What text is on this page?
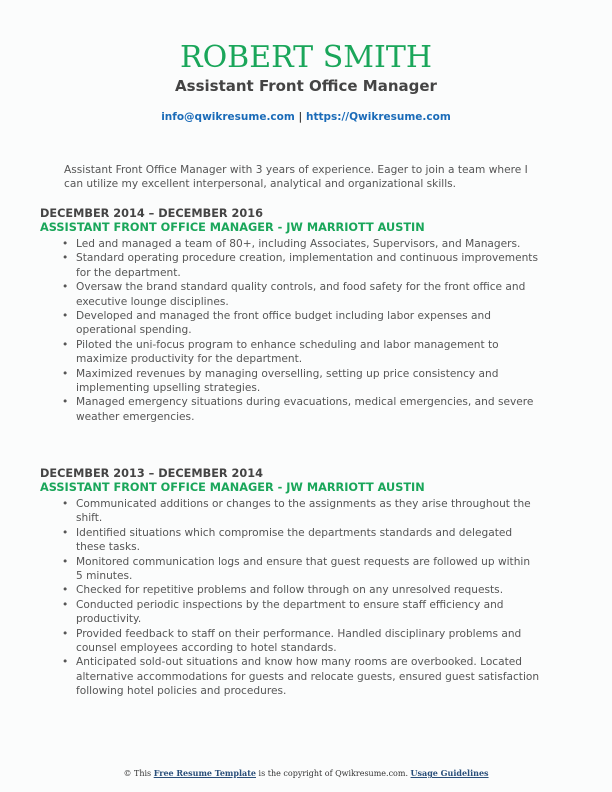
ROBERT SMITH
Assistant Front Office Manager
info@qwikresume.com | https://Qwikresume.com
Assistant Front Office Manager with 3 years of experience. Eager to join a team where I can utilize my excellent interpersonal, analytical and organizational skills.
DECEMBER 2014 – DECEMBER 2016
ASSISTANT FRONT OFFICE MANAGER - JW MARRIOTT AUSTIN
• Led and managed a team of 80+, including Associates, Supervisors, and Managers.
• Standard operating procedure creation, implementation and continuous improvements for the department.
• Oversaw the brand standard quality controls, and food safety for the front office and executive lounge disciplines.
• Developed and managed the front office budget including labor expenses and operational spending.
• Piloted the uni-focus program to enhance scheduling and labor management to maximize productivity for the department.
• Maximized revenues by managing overselling, setting up price consistency and implementing upselling strategies.
• Managed emergency situations during evacuations, medical emergencies, and severe weather emergencies.
DECEMBER 2013 – DECEMBER 2014
ASSISTANT FRONT OFFICE MANAGER - JW MARRIOTT AUSTIN
• Communicated additions or changes to the assignments as they arise throughout the shift.
• Identified situations which compromise the departments standards and delegated these tasks.
• Monitored communication logs and ensure that guest requests are followed up within 5 minutes.
• Checked for repetitive problems and follow through on any unresolved requests.
• Conducted periodic inspections by the department to ensure staff efficiency and productivity.
• Provided feedback to staff on their performance. Handled disciplinary problems and counsel employees according to hotel standards.
• Anticipated sold-out situations and know how many rooms are overbooked. Located alternative accommodations for guests and relocate guests, ensured guest satisfaction following hotel policies and procedures.
© This Free Resume Template is the copyright of Qwikresume.com. Usage Guidelines
